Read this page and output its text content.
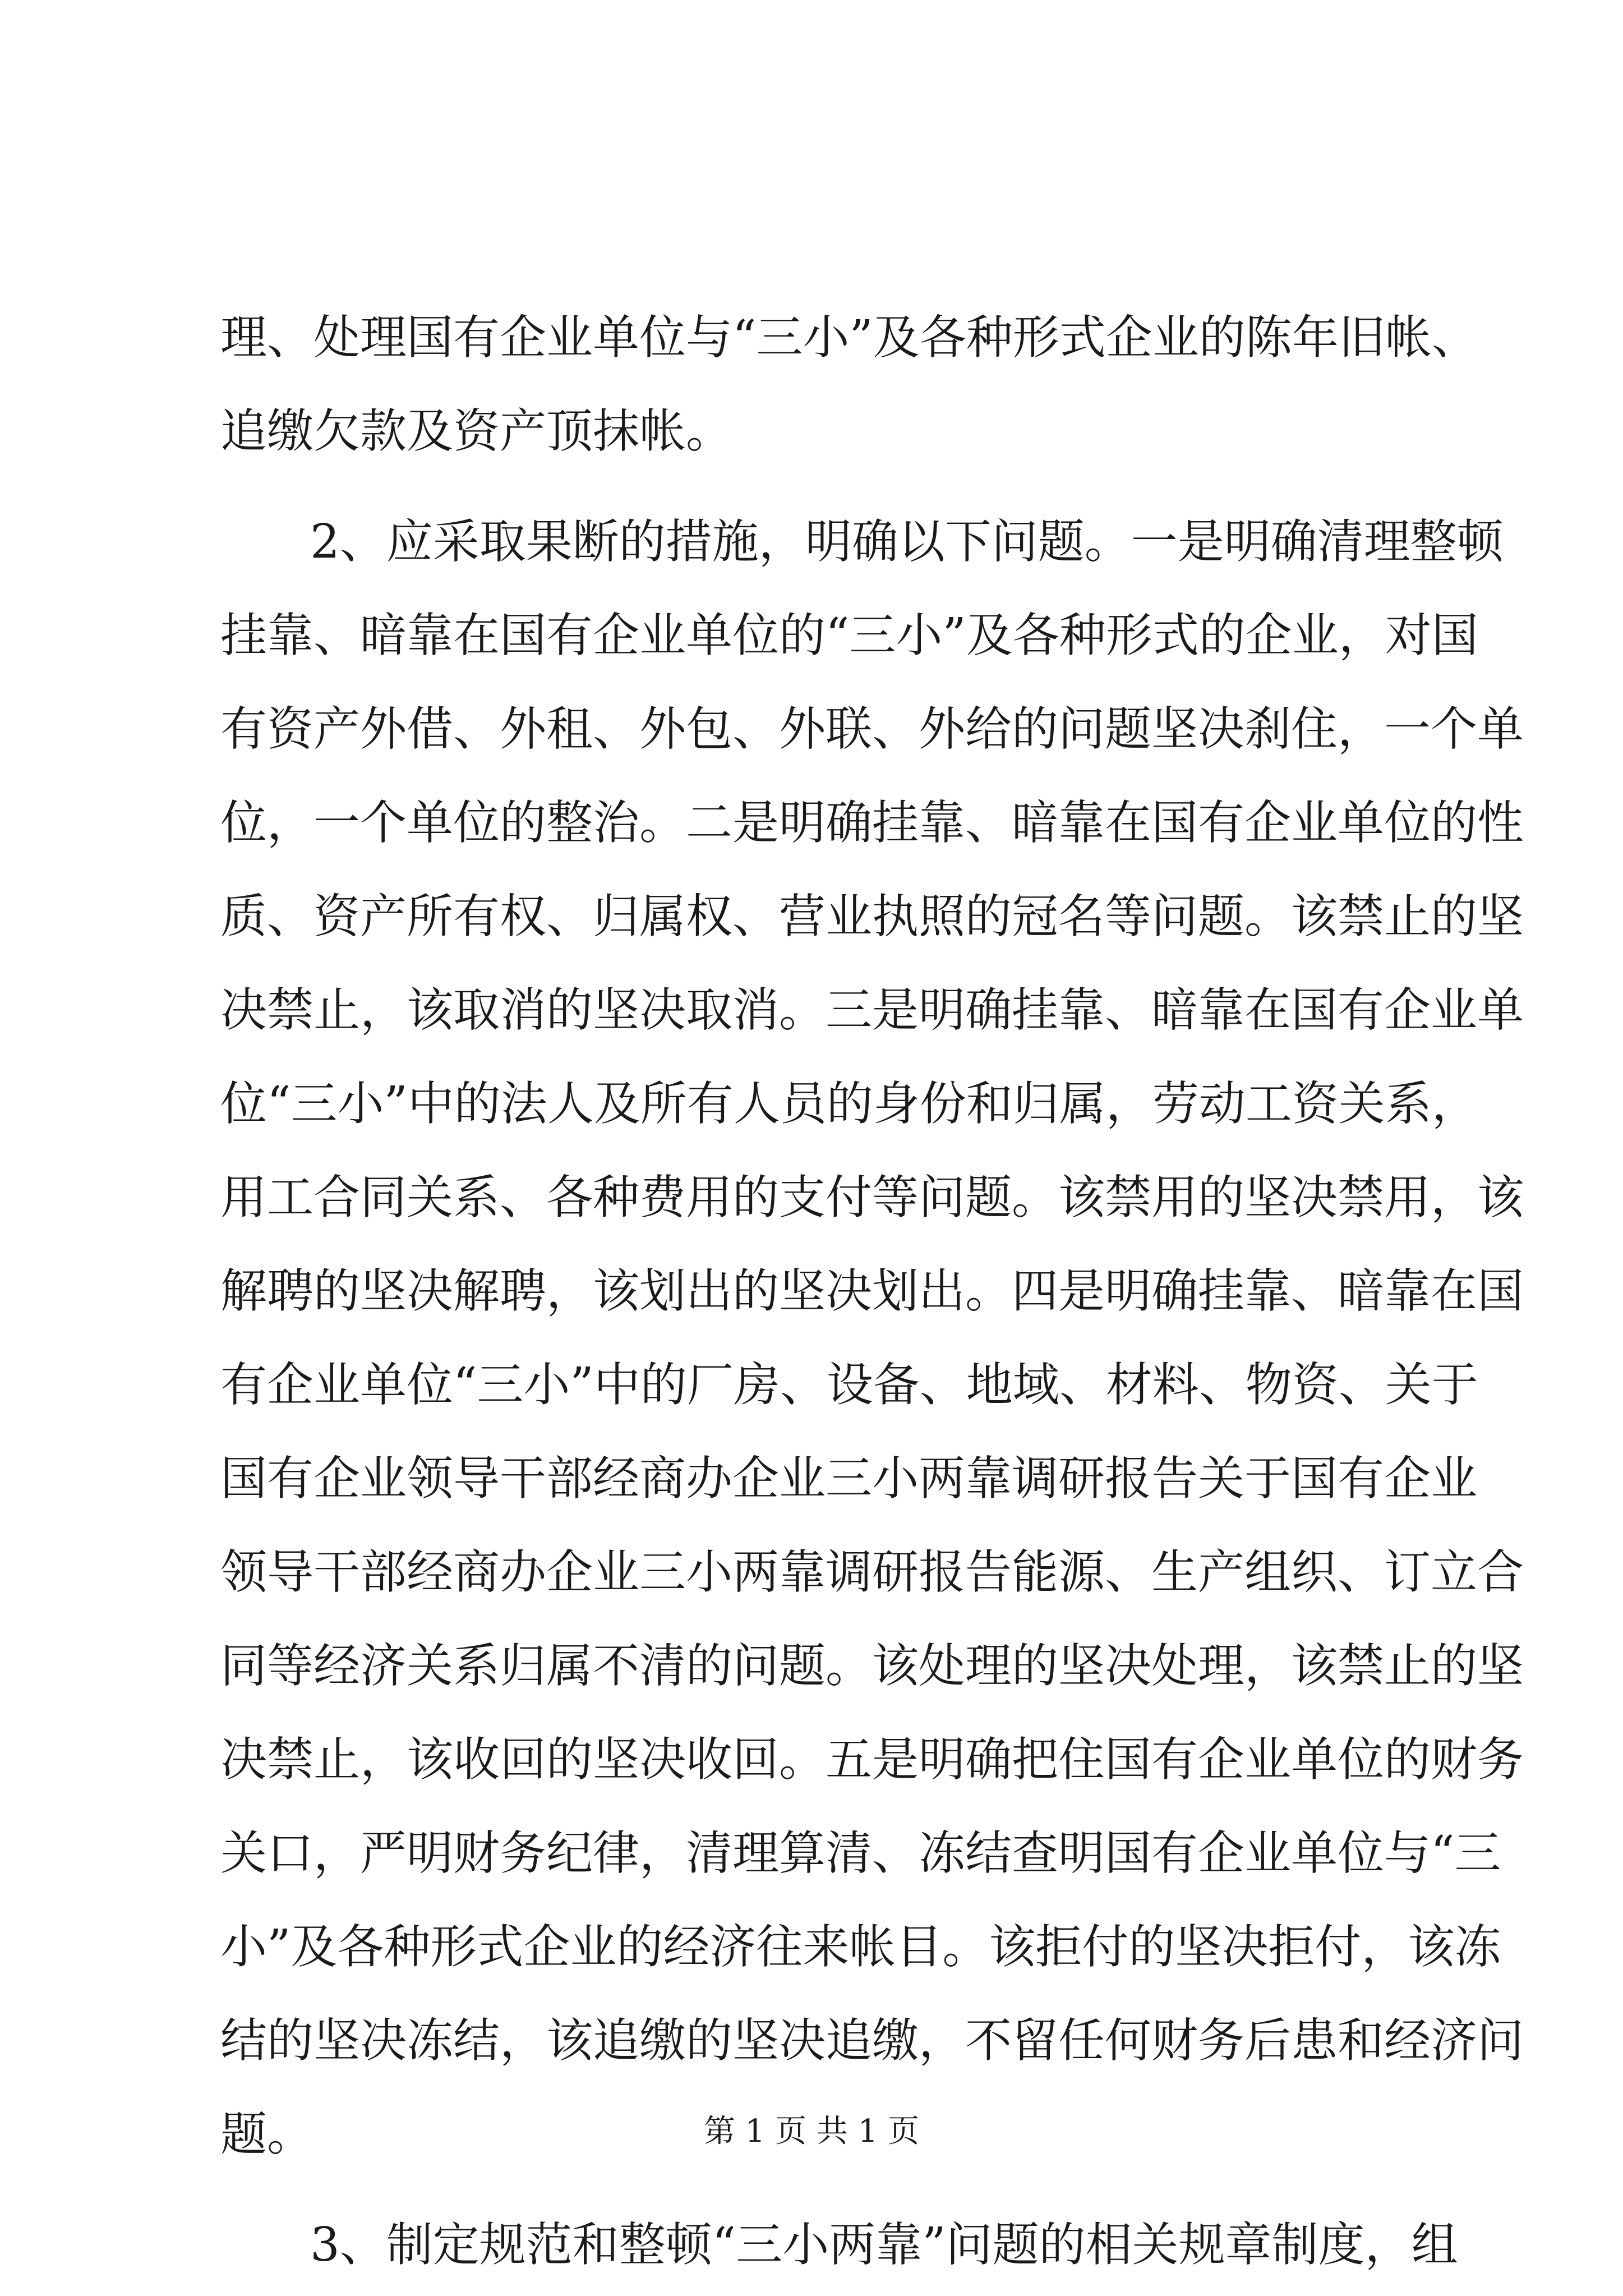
理、处理国有企业单位与“三小”及各种形式企业的陈年旧帐、
追缴欠款及资产顶抹帐。
2、应采取果断的措施，明确以下问题。一是明确清理整顿
挂靠、暗靠在国有企业单位的“三小”及各种形式的企业，对国
有资产外借、外租、外包、外联、外给的问题坚决刹住，一个单
位，一个单位的整治。二是明确挂靠、暗靠在国有企业单位的性
质、资产所有权、归属权、营业执照的冠名等问题。该禁止的坚
决禁止，该取消的坚决取消。三是明确挂靠、暗靠在国有企业单
位“三小”中的法人及所有人员的身份和归属，劳动工资关系，
用工合同关系、各种费用的支付等问题。该禁用的坚决禁用，该
解聘的坚决解聘，该划出的坚决划出。四是明确挂靠、暗靠在国
有企业单位“三小”中的厂房、设备、地域、材料、物资、关于
国有企业领导干部经商办企业三小两靠调研报告关于国有企业
领导干部经商办企业三小两靠调研报告能源、生产组织、订立合
同等经济关系归属不清的问题。该处理的坚决处理，该禁止的坚
决禁止，该收回的坚决收回。五是明确把住国有企业单位的财务
关口，严明财务纪律，清理算清、冻结查明国有企业单位与“三
小”及各种形式企业的经济往来帐目。该拒付的坚决拒付，该冻
结的坚决冻结，该追缴的坚决追缴，不留任何财务后患和经济问
题。
3、制定规范和整顿“三小两靠”问题的相关规章制度，组
第 1 页 共 1 页
